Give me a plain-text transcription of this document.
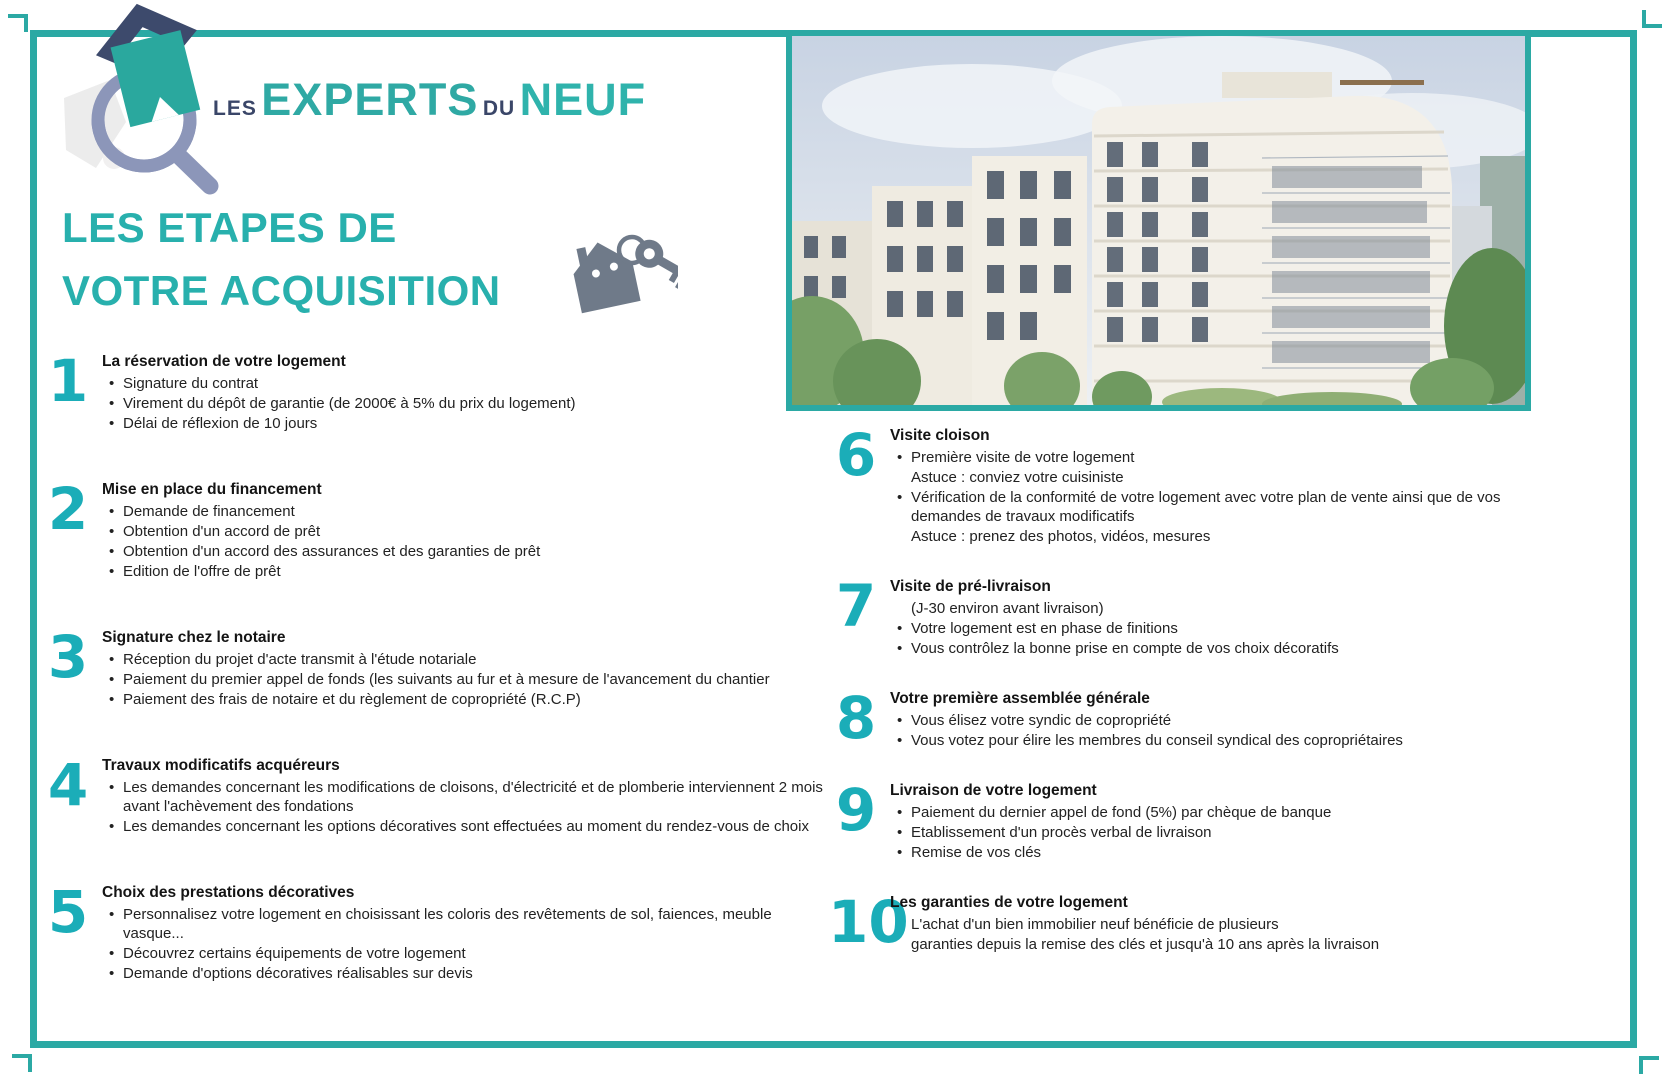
LES EXPERTS DU NEUF
LES ETAPES DE
VOTRE ACQUISITION
1 La réservation de votre logement
• Signature du contrat
• Virement du dépôt de garantie (de 2000€ à 5% du prix du logement)
• Délai de réflexion de 10 jours
2 Mise en place du financement
• Demande de financement
• Obtention d'un accord de prêt
• Obtention d'un accord des assurances et des garanties de prêt
• Edition de l'offre de prêt
3 Signature chez le notaire
• Réception du projet d'acte transmit à l'étude notariale
• Paiement du premier appel de fonds (les suivants au fur et à mesure de l'avancement du chantier
• Paiement des frais de notaire et du règlement de copropriété (R.C.P)
4 Travaux modificatifs acquéreurs
• Les demandes concernant les modifications de cloisons, d'électricité et de plomberie interviennent 2 mois avant l'achèvement des fondations
• Les demandes concernant les options décoratives sont effectuées au moment du rendez-vous de choix
5 Choix des prestations décoratives
• Personnalisez votre logement en choisissant les coloris des revêtements de sol, faiences, meuble vasque...
• Découvrez certains équipements de votre logement
• Demande d'options décoratives réalisables sur devis
6 Visite cloison
• Première visite de votre logement
Astuce : conviez votre cuisiniste
• Vérification de la conformité de votre logement avec votre plan de vente ainsi que de vos demandes de travaux modificatifs
Astuce : prenez des photos, vidéos, mesures
7 Visite de pré-livraison
(J-30 environ avant livraison)
• Votre logement est en phase de finitions
• Vous contrôlez la bonne prise en compte de vos choix décoratifs
8 Votre première assemblée générale
• Vous élisez votre syndic de copropriété
• Vous votez pour élire les membres du conseil syndical des copropriétaires
9 Livraison de votre logement
• Paiement du dernier appel de fond (5%) par chèque de banque
• Etablissement d'un procès verbal de livraison
• Remise de vos clés
10
Les garanties de votre logement
L'achat d'un bien immobilier neuf bénéficie de plusieurs
garanties depuis la remise des clés et jusqu'à 10 ans après la livraison
